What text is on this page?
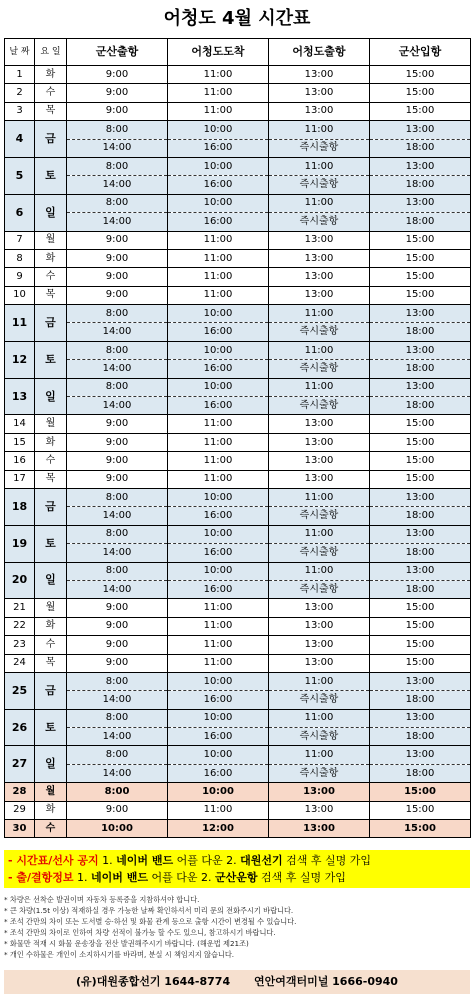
어청도 4월 시간표
날 짜	요 일	군산출항	어청도도착	어청도출항	군산입항
1	화	9:00	11:00	13:00	15:00
2	수	9:00	11:00	13:00	15:00
3	목	9:00	11:00	13:00	15:00
4	금	8:00	10:00	11:00	13:00
		14:00	16:00	즉시출항	18:00
5	토	8:00	10:00	11:00	13:00
		14:00	16:00	즉시출항	18:00
6	일	8:00	10:00	11:00	13:00
		14:00	16:00	즉시출항	18:00
7	월	9:00	11:00	13:00	15:00
8	화	9:00	11:00	13:00	15:00
9	수	9:00	11:00	13:00	15:00
10	목	9:00	11:00	13:00	15:00
11	금	8:00	10:00	11:00	13:00
		14:00	16:00	즉시출항	18:00
12	토	8:00	10:00	11:00	13:00
		14:00	16:00	즉시출항	18:00
13	일	8:00	10:00	11:00	13:00
		14:00	16:00	즉시출항	18:00
14	월	9:00	11:00	13:00	15:00
15	화	9:00	11:00	13:00	15:00
16	수	9:00	11:00	13:00	15:00
17	목	9:00	11:00	13:00	15:00
18	금	8:00	10:00	11:00	13:00
		14:00	16:00	즉시출항	18:00
19	토	8:00	10:00	11:00	13:00
		14:00	16:00	즉시출항	18:00
20	일	8:00	10:00	11:00	13:00
		14:00	16:00	즉시출항	18:00
21	월	9:00	11:00	13:00	15:00
22	화	9:00	11:00	13:00	15:00
23	수	9:00	11:00	13:00	15:00
24	목	9:00	11:00	13:00	15:00
25	금	8:00	10:00	11:00	13:00
		14:00	16:00	즉시출항	18:00
26	토	8:00	10:00	11:00	13:00
		14:00	16:00	즉시출항	18:00
27	일	8:00	10:00	11:00	13:00
		14:00	16:00	즉시출항	18:00
28	월	8:00	10:00	13:00	15:00
29	화	9:00	11:00	13:00	15:00
30	수	10:00	12:00	13:00	15:00
- 시간표/선사 공지 1. 네이버 밴드 어플 다운 2. 대원선기 검색 후 실명 가입
- 출/결항정보 1. 네이버 밴드 어플 다운 2. 군산운항 검색 후 실명 가입
* 차량은 선착순 발권이며 자동차 등록증을 지참하셔야 합니다.
* 큰 차량(1.5t 이상) 적재하실 경우 가능한 날짜 확인하셔서 미리 문의 전화주시기 바랍니다.
* 조석 간만의 차이 또는 도서별 승·하선 및 화물 관계 등으로 출항 시간이 변경될 수 있습니다.
* 조석 간만의 차이로 인하여 차량 선적이 불가능 할 수도 있으니, 참고하시기 바랍니다.
* 화물만 적재 시 화물 운송장을 전산 발권해주시기 바랍니다. (해운법 제21조)
* 개인 수하물은 개인이 소지하시기를 바라며, 분실 시 책임지지 않습니다.
(유)대원종합선기 1644-8774 연안여객터미널 1666-0940
